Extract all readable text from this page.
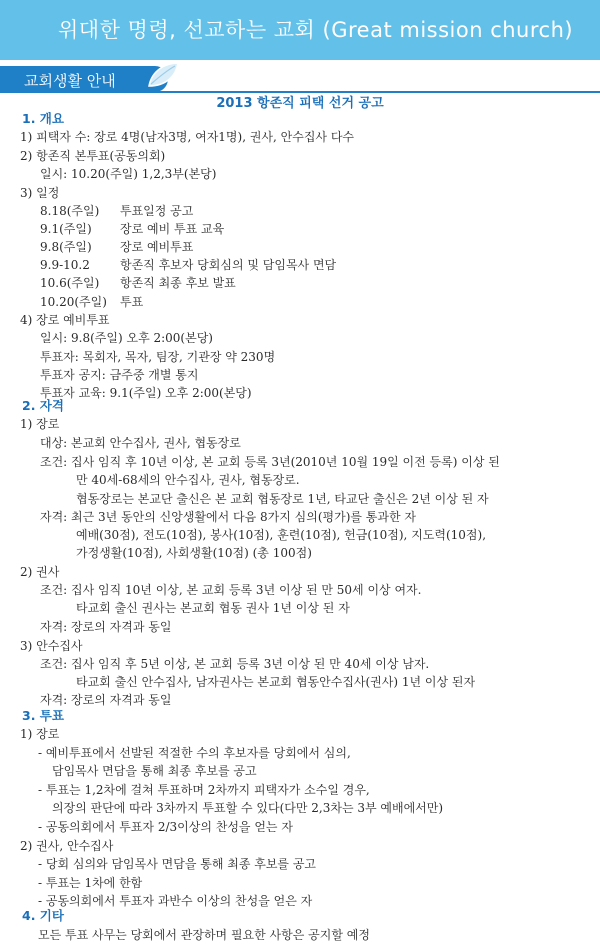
위대한 명령, 선교하는 교회 (Great mission church)
교회생활 안내
2013 항존직 피택 선거 공고
1. 개요
1) 피택자 수: 장로 4명(남자3명, 여자1명), 권사, 안수집사 다수
2) 항존직 본투표(공동의회)
일시: 10.20(주일) 1,2,3부(본당)
3) 일정
8.18(주일) 투표일정 공고
9.1(주일) 장로 예비 투표 교육
9.8(주일) 장로 예비투표
9.9-10.2	항존직 후보자 당회심의 및 담임목사 면담
10.6(주일) 항존직 최종 후보 발표
10.20(주일) 투표
4) 장로 예비투표
일시: 9.8(주일) 오후 2:00(본당)
투표자: 목회자, 목자, 팀장, 기관장 약 230명
투표자 공지: 금주중 개별 통지
투표자 교육: 9.1(주일) 오후 2:00(본당)
2. 자격
1) 장로
대상: 본교회 안수집사, 권사, 협동장로
조건: 집사 임직 후 10년 이상, 본 교회 등록 3년(2010년 10월 19일 이전 등록) 이상 된
만 40세-68세의 안수집사, 권사, 협동장로.
협동장로는 본교단 출신은 본 교회 협동장로 1년, 타교단 출신은 2년 이상 된 자
자격: 최근 3년 동안의 신앙생활에서 다음 8가지 심의(평가)를 통과한 자
예배(30점), 전도(10점), 봉사(10점), 훈련(10점), 헌금(10점), 지도력(10점),
가정생활(10점), 사회생활(10점) (총 100점)
2) 권사
조건: 집사 임직 10년 이상, 본 교회 등록 3년 이상 된 만 50세 이상 여자.
타교회 출신 권사는 본교회 협동 권사 1년 이상 된 자
자격: 장로의 자격과 동일
3) 안수집사
조건: 집사 임직 후 5년 이상, 본 교회 등록 3년 이상 된 만 40세 이상 남자.
타교회 출신 안수집사, 남자권사는 본교회 협동안수집사(권사) 1년 이상 된자
자격: 장로의 자격과 동일
3. 투표
1) 장로
- 예비투표에서 선발된 적절한 수의 후보자를 당회에서 심의,
담임목사 면담을 통해 최종 후보를 공고
- 투표는 1,2차에 걸쳐 투표하며 2차까지 피택자가 소수일 경우,
의장의 판단에 따라 3차까지 투표할 수 있다(다만 2,3차는 3부 예배에서만)
- 공동의회에서 투표자 2/3이상의 찬성을 얻는 자
2) 권사, 안수집사
- 당회 심의와 담임목사 면담을 통해 최종 후보를 공고
- 투표는 1차에 한함
- 공동의회에서 투표자 과반수 이상의 찬성을 얻은 자
4. 기타
모든 투표 사무는 당회에서 관장하며 필요한 사항은 공지할 예정
